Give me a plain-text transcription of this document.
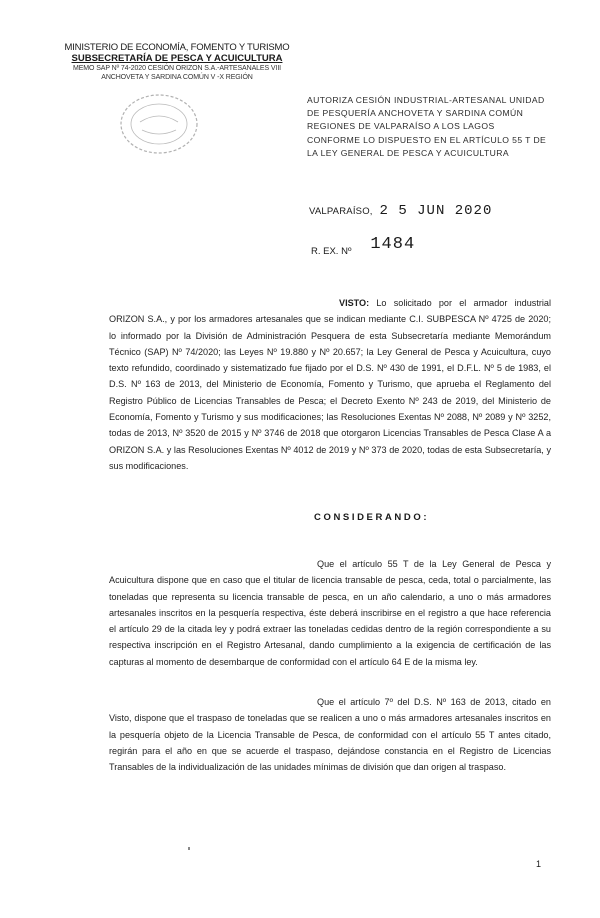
MINISTERIO DE ECONOMÍA, FOMENTO Y TURISMO
SUBSECRETARÍA DE PESCA Y ACUICULTURA
MEMO SAP Nº 74-2020 CESIÓN ORIZON S.A.-ARTESANALES VIII
ANCHOVETA Y SARDINA COMÚN V -X REGIÓN
AUTORIZA CESIÓN INDUSTRIAL-ARTESANAL UNIDAD DE PESQUERÍA ANCHOVETA Y SARDINA COMÚN REGIONES DE VALPARAÍSO A LOS LAGOS CONFORME LO DISPUESTO EN EL ARTÍCULO 55 T DE LA LEY GENERAL DE PESCA Y ACUICULTURA
VALPARAÍSO, 2 5 JUN 2020
R. EX. Nº 1484
VISTO: Lo solicitado por el armador industrial ORIZON S.A., y por los armadores artesanales que se indican mediante C.I. SUBPESCA Nº 4725 de 2020; lo informado por la División de Administración Pesquera de esta Subsecretaría mediante Memorándum Técnico (SAP) Nº 74/2020; las Leyes Nº 19.880 y Nº 20.657; la Ley General de Pesca y Acuicultura, cuyo texto refundido, coordinado y sistematizado fue fijado por el D.S. Nº 430 de 1991, el D.F.L. Nº 5 de 1983, el D.S. Nº 163 de 2013, del Ministerio de Economía, Fomento y Turismo, que aprueba el Reglamento del Registro Público de Licencias Transables de Pesca; el Decreto Exento Nº 243 de 2019, del Ministerio de Economía, Fomento y Turismo y sus modificaciones; las Resoluciones Exentas Nº 2088, Nº 2089 y Nº 3252, todas de 2013, Nº 3520 de 2015 y Nº 3746 de 2018 que otorgaron Licencias Transables de Pesca Clase A a ORIZON S.A. y las Resoluciones Exentas Nº 4012 de 2019 y Nº 373 de 2020, todas de esta Subsecretaría, y sus modificaciones.
CONSIDERANDO:
Que el artículo 55 T de la Ley General de Pesca y Acuicultura dispone que en caso que el titular de licencia transable de pesca, ceda, total o parcialmente, las toneladas que representa su licencia transable de pesca, en un año calendario, a uno o más armadores artesanales inscritos en la pesquería respectiva, éste deberá inscribirse en el registro a que hace referencia el artículo 29 de la citada ley y podrá extraer las toneladas cedidas dentro de la región correspondiente a su respectiva inscripción en el Registro Artesanal, dando cumplimiento a la exigencia de certificación de las capturas al momento de desembarque de conformidad con el artículo 64 E de la misma ley.
Que el artículo 7º del D.S. Nº 163 de 2013, citado en Visto, dispone que el traspaso de toneladas que se realicen a uno o más armadores artesanales inscritos en la pesquería objeto de la Licencia Transable de Pesca, de conformidad con el artículo 55 T antes citado, regirán para el año en que se acuerde el traspaso, dejándose constancia en el Registro de Licencias Transables de la individualización de las unidades mínimas de división que dan origen al traspaso.
1
